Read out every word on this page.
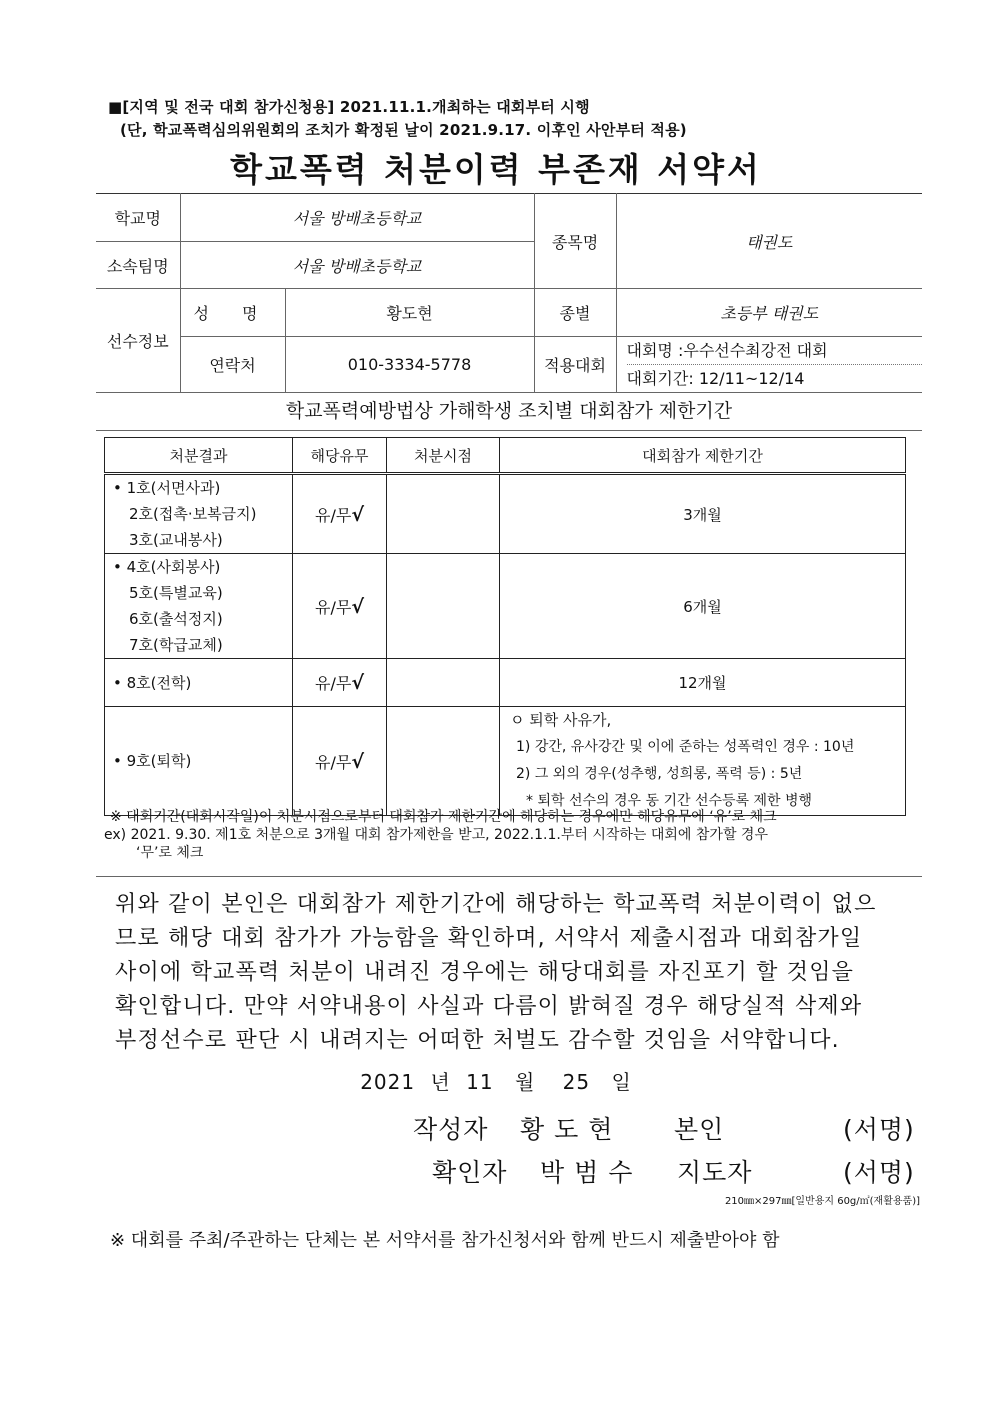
■[지역 및 전국 대회 참가신청용] 2021.11.1.개최하는 대회부터 시행
(단, 학교폭력심의위원회의 조치가 확정된 날이 2021.9.17. 이후인 사안부터 적용)
학교폭력 처분이력 부존재 서약서
학교명	서울 방배초등학교		종목명	태권도
소속팀명	서울 방배초등학교			
선수정보	성 명	황도현	종별	초등부 태권도
	연락처	010-3334-5778	적용대회	대회명 :우수선수최강전 대회
대회기간: 12/11~12/14
학교폭력예방법상 가해학생 조치별 대회참가 제한기간
처분결과	해당유무	처분시점	대회참가 제한기간

• 1호(서면사과)
2호(접촉·보복금지)
3호(교내봉사)	유/무√		3개월

• 4호(사회봉사)
5호(특별교육)
6호(출석정지)
7호(학급교체)	유/무√		6개월

• 8호(전학)	유/무√		12개월

• 9호(퇴학)	유/무√		ㅇ 퇴학 사유가,
1) 강간, 유사강간 및 이에 준하는 성폭력인 경우 : 10년
2) 그 외의 경우(성추행, 성희롱, 폭력 등) : 5년
* 퇴학 선수의 경우 동 기간 선수등록 제한 병행
※ 대회기간(대회시작일)이 처분시점으로부터 대회참가 제한기간에 해당하는 경우에만 해당유무에 ‘유’로 체크
ex) 2021. 9.30. 제1호 처분으로 3개월 대회 참가제한을 받고, 2022.1.1.부터 시작하는 대회에 참가할 경우
‘무’로 체크
위와 같이 본인은 대회참가 제한기간에 해당하는 학교폭력 처분이력이 없으
므로 해당 대회 참가가 가능함을 확인하며, 서약서 제출시점과 대회참가일
사이에 학교폭력 처분이 내려진 경우에는 해당대회를 자진포기 할 것임을
확인합니다. 만약 서약내용이 사실과 다름이 밝혀질 경우 해당실적 삭제와
부정선수로 판단 시 내려지는 어떠한 처벌도 감수할 것임을 서약합니다.
2021 년 11 월 25 일
작성자 황 도 현 본인	(서명)
확인자 박 범 수 지도자	(서명)
210㎜×297㎜[일반용지 60g/㎡(재활용품)]
※ 대회를 주최/주관하는 단체는 본 서약서를 참가신청서와 함께 반드시 제출받아야 함
